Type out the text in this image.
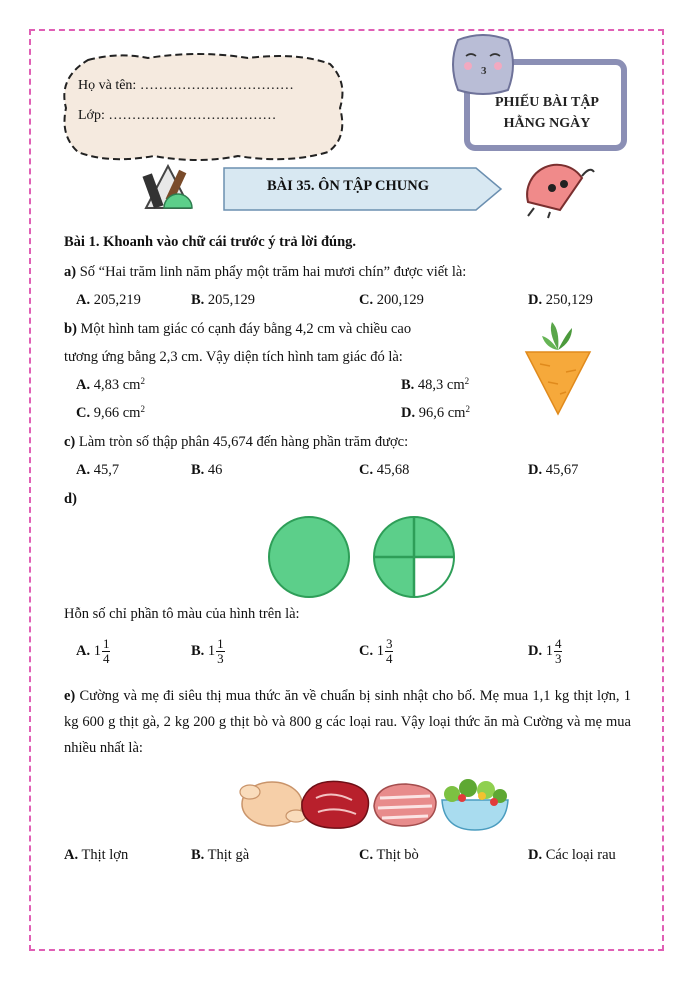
Họ và tên: ……………………………
Lớp: ………………………………
3
PHIẾU BÀI TẬP
HẰNG NGÀY
BÀI 35. ÔN TẬP CHUNG
Bài 1. Khoanh vào chữ cái trước ý trả lời đúng.
a) Số “Hai trăm linh năm phẩy một trăm hai mươi chín” được viết là:
A. 205,219	B. 205,129	C. 200,129	D. 250,129
b) Một hình tam giác có cạnh đáy bằng 4,2 cm và chiều cao
tương ứng bằng 2,3 cm. Vậy diện tích hình tam giác đó là:
A. 4,83 $cm^2$	B. 48,3 $cm^2$
C. 9,66 $cm^2$	D. 96,6 $cm^2$
c) Làm tròn số thập phân 45,674 đến hàng phần trăm được:
A. 45,7	B. 46	C. 45,68	D. 45,67
d)
Hỗn số chỉ phần tô màu của hình trên là:
A. $1 \frac{1}{4}$	B. $1 \frac{1}{3}$	C. $1 \frac{3}{4}$	D. $1 \frac{4}{3}$
e) Cường và mẹ đi siêu thị mua thức ăn về chuẩn bị sinh nhật cho bố. Mẹ mua 1,1 kg thịt lợn, 1 kg 600 g thịt gà, 2 kg 200 g thịt bò và 800 g các loại rau. Vậy loại thức ăn mà Cường và mẹ mua nhiều nhất là:
A. Thịt lợn	B. Thịt gà	C. Thịt bò	D. Các loại rau
